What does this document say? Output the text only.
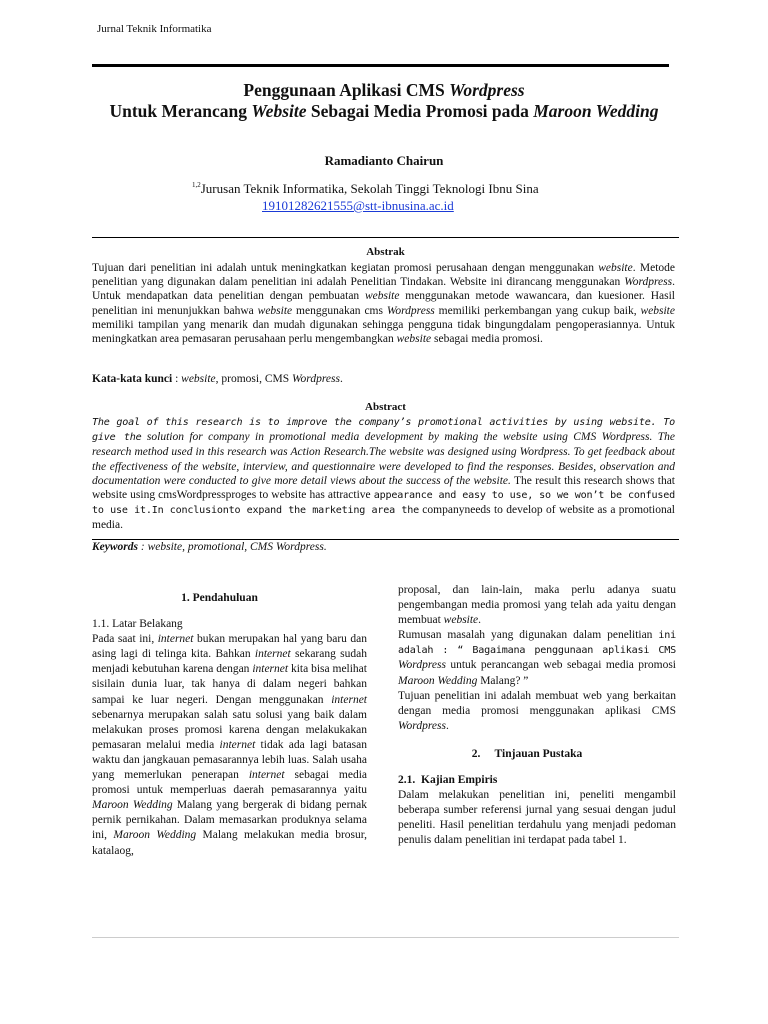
Jurnal Teknik Informatika
Penggunaan Aplikasi CMS Wordpress
Untuk Merancang Website Sebagai Media Promosi pada Maroon Wedding
Ramadianto Chairun
$^{1,2}$Jurusan Teknik Informatika, Sekolah Tinggi Teknologi Ibnu Sina
19101282621555@stt-ibnusina.ac.id
Abstrak
Tujuan dari penelitian ini adalah untuk meningkatkan kegiatan promosi perusahaan dengan menggunakan website. Metode penelitian yang digunakan dalam penelitian ini adalah Penelitian Tindakan. Website ini dirancang menggunakan Wordpress. Untuk mendapatkan data penelitian dengan pembuatan website menggunakan metode wawancara, dan kuesioner. Hasil penelitian ini menunjukkan bahwa website menggunakan cms Wordpress memiliki perkembangan yang cukup baik, website memiliki tampilan yang menarik dan mudah digunakan sehingga pengguna tidak bingungdalam pengoperasiannya. Untuk meningkatkan area pemasaran perusahaan perlu mengembangkan website sebagai media promosi.
Kata-kata kunci : website, promosi, CMS Wordpress.
Abstract
The goal of this research is to improve the company’s promotional activities by using website. To give the solution for company in promotional media development by making the website using CMS Wordpress. The research method used in this research was Action Research.The website was designed using Wordpress. To get feedback about the effectiveness of the website, interview, and questionnaire were developed to find the responses. Besides, observation and documentation were conducted to give more detail views about the success of the website. The result this research shows that website using cmsWordpressproges to website has attractive appearance and easy to use, so we won’t be confused to use it.In conclusionto expand the marketing area the companyneeds to develop of website as a promotional media.
Keywords : website, promotional, CMS Wordpress.
1. Pendahuluan
1.1. Latar Belakang
Pada saat ini, internet bukan merupakan hal yang baru dan asing lagi di telinga kita. Bahkan internet sekarang sudah menjadi kebutuhan karena dengan internet kita bisa melihat sisilain dunia luar, tak hanya di dalam negeri bahkan sampai ke luar negeri. Dengan menggunakan internet sebenarnya merupakan salah satu solusi yang baik dalam melakukan proses promosi karena dengan melakukakan pemasaran melalui media internet tidak ada lagi batasan waktu dan jangkauan pemasarannya lebih luas. Salah usaha yang memerlukan penerapan internet sebagai media promosi untuk memperluas daerah pemasarannya yaitu Maroon Wedding Malang yang bergerak di bidang pernak pernik pernikahan. Dalam memasarkan produknya selama ini, Maroon Wedding Malang melakukan media brosur, katalaog,
proposal, dan lain-lain, maka perlu adanya suatu pengembangan media promosi yang telah ada yaitu dengan membuat website.
Rumusan masalah yang digunakan dalam penelitian ini adalah : “ Bagaimana penggunaan aplikasi CMS Wordpress untuk perancangan web sebagai media promosi Maroon Wedding Malang? ”
Tujuan penelitian ini adalah membuat web yang berkaitan dengan media promosi menggunakan aplikasi CMS Wordpress.
2.     Tinjauan Pustaka
2.1.  Kajian Empiris
Dalam melakukan penelitian ini, peneliti mengambil beberapa sumber referensi jurnal yang sesuai dengan judul peneliti. Hasil penelitian terdahulu yang menjadi pedoman penulis dalam penelitian ini terdapat pada tabel 1.
